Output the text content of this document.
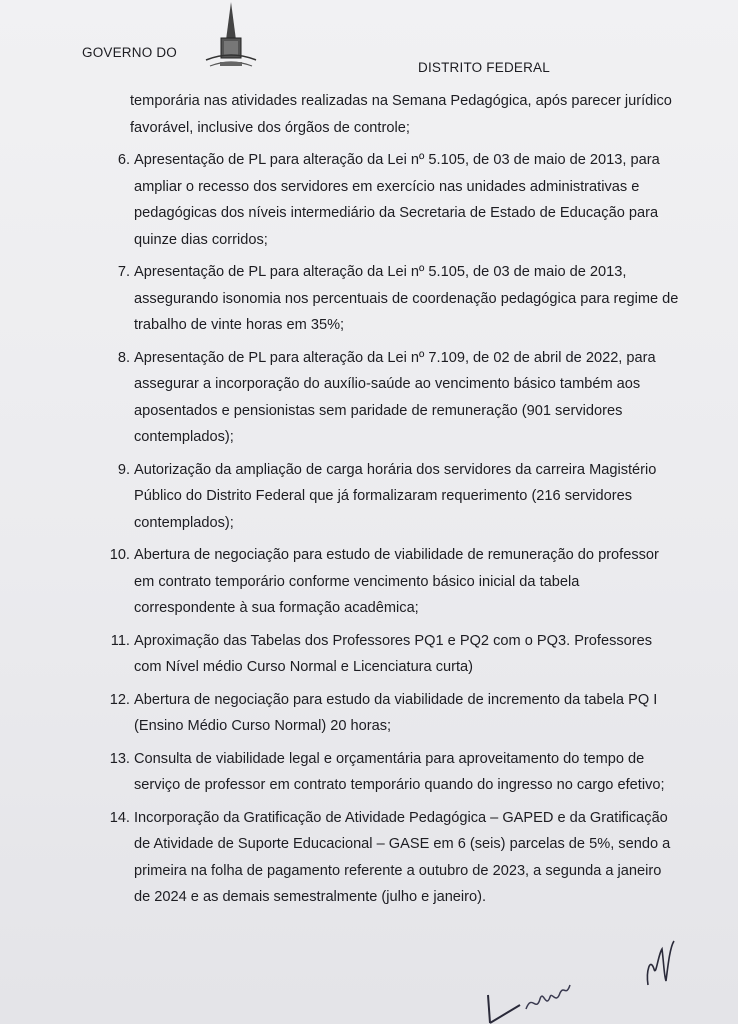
GOVERNO DO
DISTRITO FEDERAL
temporária nas atividades realizadas na Semana Pedagógica, após parecer jurídico favorável, inclusive dos órgãos de controle;
6. Apresentação de PL para alteração da Lei nº 5.105, de 03 de maio de 2013, para ampliar o recesso dos servidores em exercício nas unidades administrativas e pedagógicas dos níveis intermediário da Secretaria de Estado de Educação para quinze dias corridos;
7. Apresentação de PL para alteração da Lei nº 5.105, de 03 de maio de 2013, assegurando isonomia nos percentuais de coordenação pedagógica para regime de trabalho de vinte horas em 35%;
8. Apresentação de PL para alteração da Lei nº 7.109, de 02 de abril de 2022, para assegurar a incorporação do auxílio-saúde ao vencimento básico também aos aposentados e pensionistas sem paridade de remuneração (901 servidores contemplados);
9. Autorização da ampliação de carga horária dos servidores da carreira Magistério Público do Distrito Federal que já formalizaram requerimento (216 servidores contemplados);
10. Abertura de negociação para estudo de viabilidade de remuneração do professor em contrato temporário conforme vencimento básico inicial da tabela correspondente à sua formação acadêmica;
11. Aproximação das Tabelas dos Professores PQ1 e PQ2 com o PQ3. Professores com Nível médio Curso Normal e Licenciatura curta)
12. Abertura de negociação para estudo da viabilidade de incremento da tabela PQ I (Ensino Médio Curso Normal) 20 horas;
13. Consulta de viabilidade legal e orçamentária para aproveitamento do tempo de serviço de professor em contrato temporário quando do ingresso no cargo efetivo;
14. Incorporação da Gratificação de Atividade Pedagógica – GAPED e da Gratificação de Atividade de Suporte Educacional – GASE em 6 (seis) parcelas de 5%, sendo a primeira na folha de pagamento referente a outubro de 2023, a segunda a janeiro de 2024 e as demais semestralmente (julho e janeiro).
